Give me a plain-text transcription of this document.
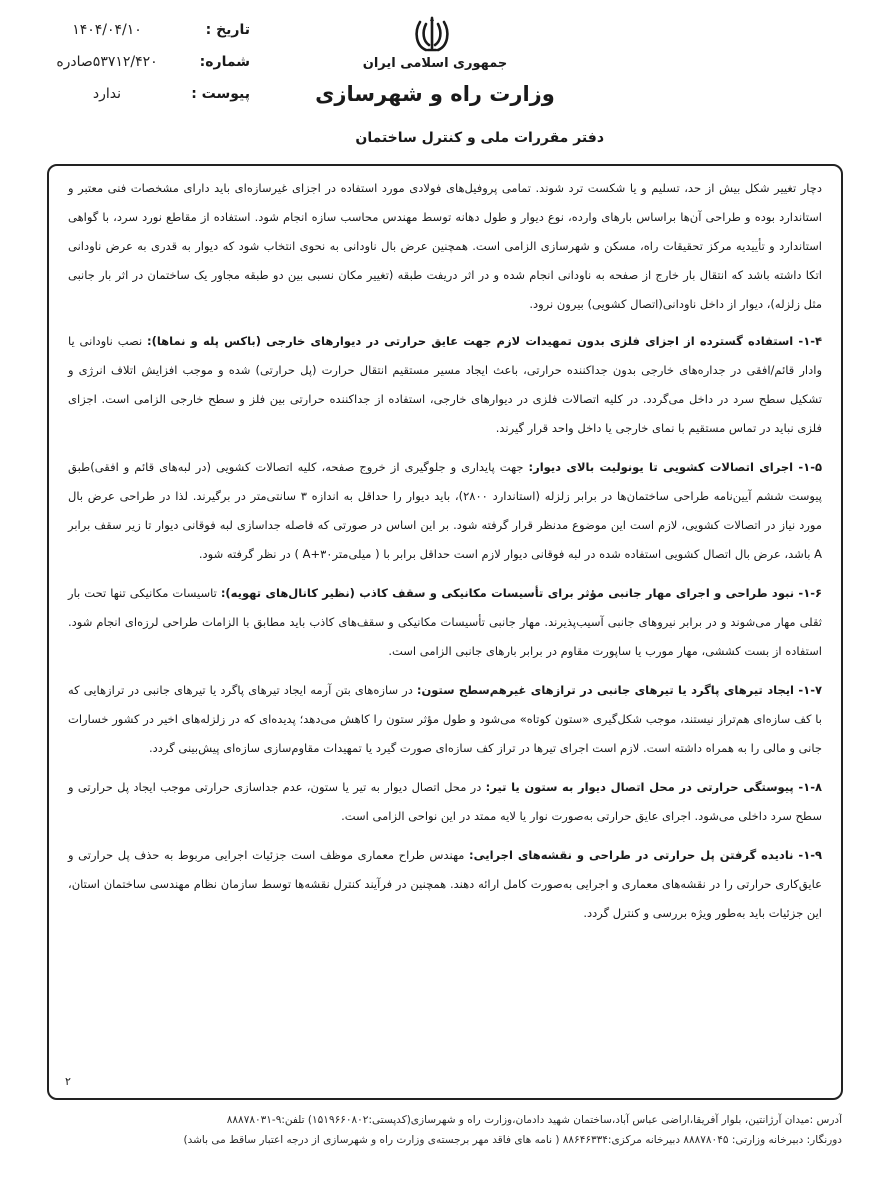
جمهوری اسلامی ایران
وزارت راه و شهرسازی
تاریخ :
۱۴۰۴/۰۴/۱۰
شماره:
۵۳۷۱۲/۴۲۰صادره
پیوست :
ندارد
دفتر مقررات ملی و کنترل ساختمان

دچار تغییر شکل بیش از حد، تسلیم و یا شکست ترد شوند. تمامی پروفیل‌های فولادی مورد استفاده در اجزای غیرسازه‌ای باید دارای مشخصات فنی معتبر و استاندارد بوده و طراحی آن‌ها براساس بارهای وارده، نوع دیوار و طول دهانه توسط مهندس محاسب سازه انجام شود. استفاده از مقاطع نورد سرد، با گواهی استاندارد و تأییدیه مرکز تحقیقات راه، مسکن و شهرسازی الزامی است. همچنین عرض بال ناودانی به نحوی انتخاب شود که دیوار به قدری به عرض ناودانی اتکا داشته باشد که انتقال بار خارج از صفحه به ناودانی انجام شده و در اثر دریفت طبقه (تغییر مکان نسبی بین دو طبقه مجاور یک ساختمان در اثر بار جانبی مثل زلزله)، دیوار از داخل ناودانی(اتصال کشویی) بیرون نرود.

۱-۴- استفاده گسترده از اجزای فلزی بدون تمهیدات لازم جهت عایق حرارتی در دیوارهای خارجی (باکس پله و نماها): نصب ناودانی یا وادار قائم/افقی در جداره‌های خارجی بدون جداکننده حرارتی، باعث ایجاد مسیر مستقیم انتقال حرارت (پل حرارتی) شده و موجب افزایش اتلاف انرژی و تشکیل سطح سرد در داخل می‌گردد. در کلیه اتصالات فلزی در دیوارهای خارجی، استفاده از جداکننده حرارتی بین فلز و سطح خارجی الزامی است. اجزای فلزی نباید در تماس مستقیم با نمای خارجی یا داخل واحد قرار گیرند.

۱-۵- اجرای اتصالات کشویی تا یونولیت بالای دیوار: جهت پایداری و جلوگیری از خروج صفحه، کلیه اتصالات کشویی (در لبه‌های قائم و افقی)طبق پیوست ششم آیین‌نامه طراحی ساختمان‌ها در برابر زلزله (استاندارد ۲۸۰۰)، باید دیوار را حداقل به اندازه ۳ سانتی‌متر در برگیرند. لذا در طراحی عرض بال مورد نیاز در اتصالات کشویی، لازم است این موضوع مدنظر قرار گرفته شود. بر این اساس در صورتی که فاصله جداسازی لبه فوقانی دیوار تا زیر سقف برابر A باشد، عرض بال اتصال کشویی استفاده شده در لبه فوقانی دیوار لازم است حداقل برابر با ( میلی‌متر۳۰+A ) در نظر گرفته شود.

۱-۶- نبود طراحی و اجرای مهار جانبی مؤثر برای تأسیسات مکانیکی و سقف کاذب (نظیر کانال‌های تهویه): تاسیسات مکانیکی تنها تحت بار ثقلی مهار می‌شوند و در برابر نیروهای جانبی آسیب‌پذیرند. مهار جانبی تأسیسات مکانیکی و سقف‌های کاذب باید مطابق با الزامات طراحی لرزه‌ای انجام شود. استفاده از بست کششی، مهار مورب یا ساپورت مقاوم در برابر بارهای جانبی الزامی است.

۱-۷- ایجاد تیرهای پاگرد یا تیرهای جانبی در ترازهای غیرهم‌سطح ستون: در سازه‌های بتن آرمه ایجاد تیرهای پاگرد یا تیرهای جانبی در ترازهایی که با کف سازه‌ای هم‌تراز نیستند، موجب شکل‌گیری «ستون کوتاه» می‌شود و طول مؤثر ستون را کاهش می‌دهد؛ پدیده‌ای که در زلزله‌های اخیر در کشور خسارات جانی و مالی را به همراه داشته است. لازم است اجرای تیرها در تراز کف سازه‌ای صورت گیرد یا تمهیدات مقاوم‌سازی سازه‌ای پیش‌بینی گردد.

۱-۸- پیوستگی حرارتی در محل اتصال دیوار به ستون یا تیر: در محل اتصال دیوار به تیر یا ستون، عدم جداسازی حرارتی موجب ایجاد پل حرارتی و سطح سرد داخلی می‌شود. اجرای عایق حرارتی به‌صورت نوار یا لایه ممتد در این نواحی الزامی است.

۱-۹- نادیده گرفتن پل حرارتی در طراحی و نقشه‌های اجرایی: مهندس طراح معماری موظف است جزئیات اجرایی مربوط به حذف پل حرارتی و عایق‌کاری حرارتی را در نقشه‌های معماری و اجرایی به‌صورت کامل ارائه دهند. همچنین در فرآیند کنترل نقشه‌ها توسط سازمان نظام مهندسی ساختمان استان، این جزئیات باید به‌طور ویژه بررسی و کنترل گردد.

۲
آدرس :میدان آرژانتین، بلوار آفریقا،اراضی عباس آباد،ساختمان شهید دادمان،وزارت راه و شهرسازی(کدپستی:۱۵۱۹۶۶۰۸۰۲) تلفن:۹-۸۸۸۷۸۰۳۱
دورنگار: دبیرخانه وزارتی: ۸۸۸۷۸۰۴۵ دبیرخانه مرکزی:۸۸۶۴۶۳۳۴ ( نامه های فاقد مهر برجسته‌ی وزارت راه و شهرسازی از درجه اعتبار ساقط می باشد)
